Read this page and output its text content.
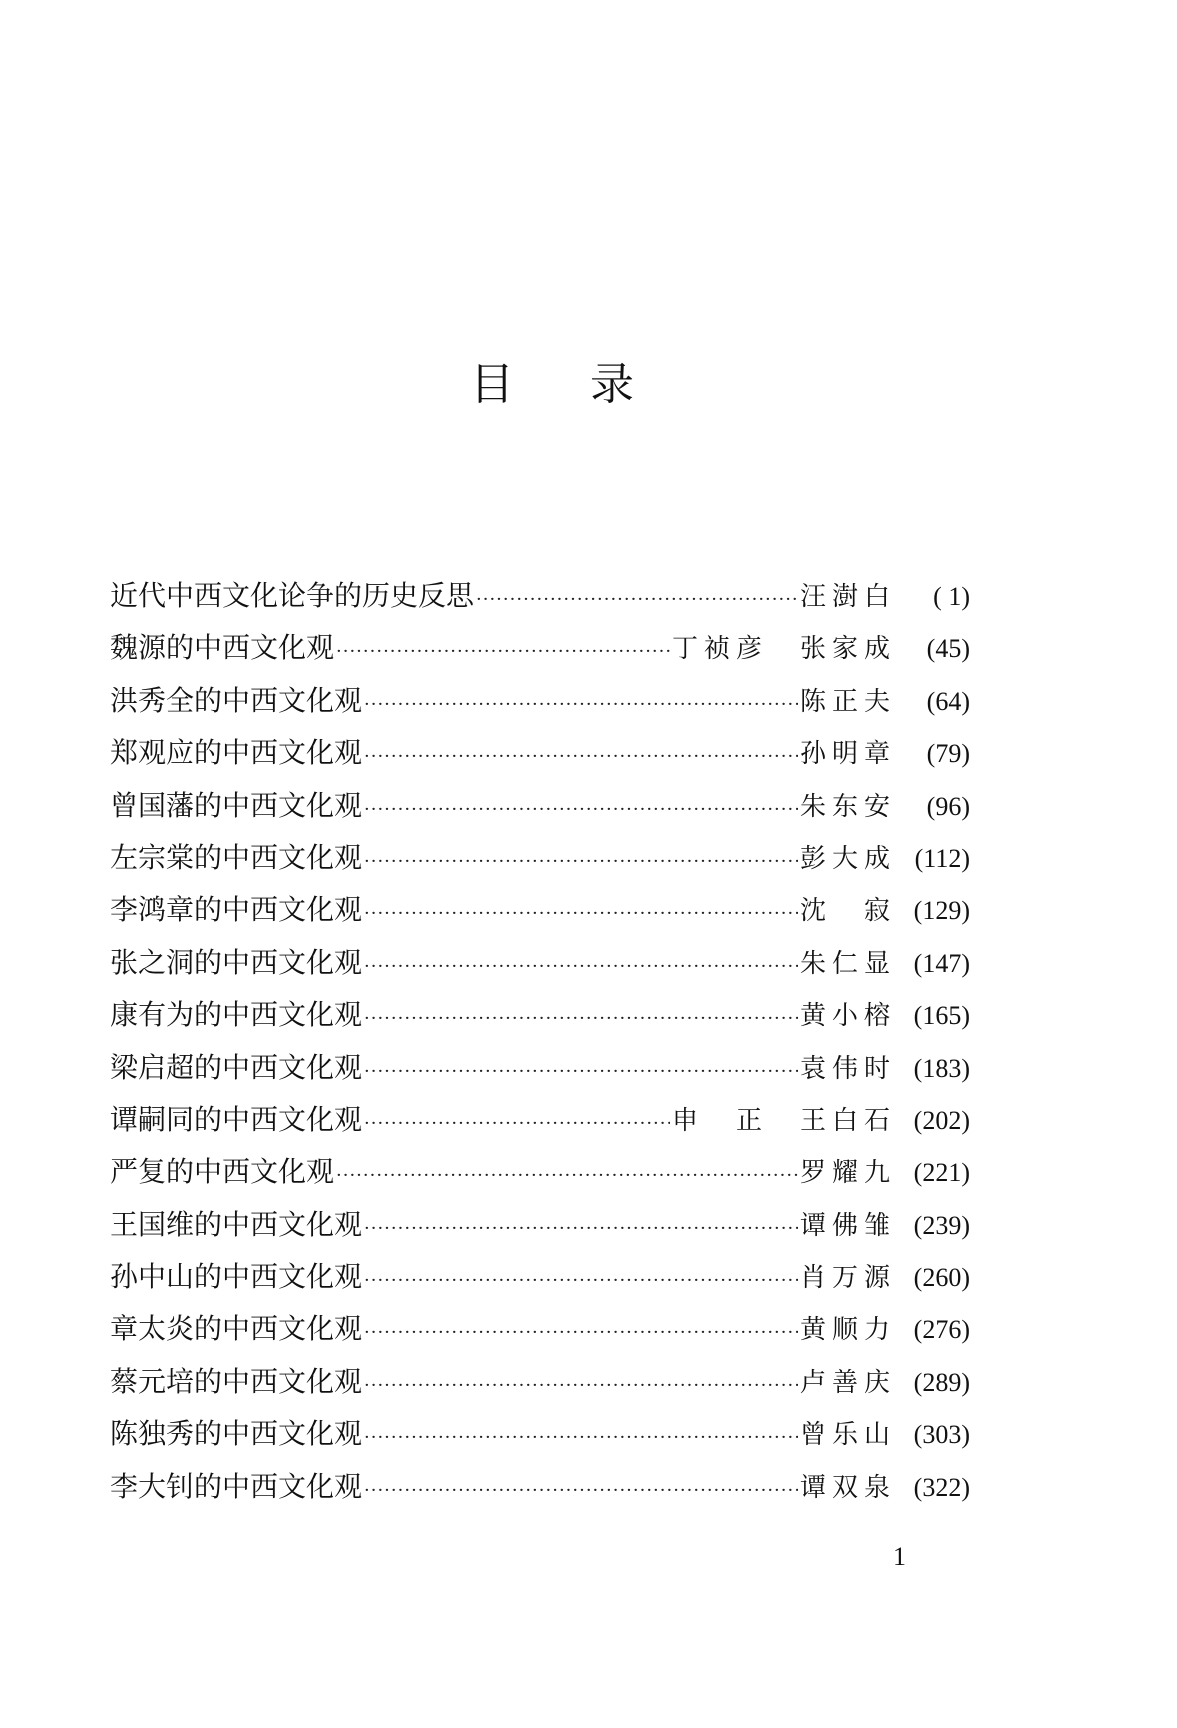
目 录
近代中西文化论争的历史反思 ·····	汪澍白	( 1)
魏源的中西文化观 ·····	丁祯彦　张家成	(45)
洪秀全的中西文化观 ·····	陈正夫	(64)
郑观应的中西文化观 ·····	孙明章	(79)
曾国藩的中西文化观 ·····	朱东安	(96)
左宗棠的中西文化观 ·····	彭大成 (112)
李鸿章的中西文化观 ·····	沈　寂 (129)
张之洞的中西文化观 ·····	朱仁显 (147)
康有为的中西文化观 ·····	黄小榕 (165)
梁启超的中西文化观 ·····	袁伟时 (183)
谭嗣同的中西文化观 ·····	申　正　王白石 (202)
严复的中西文化观 ·····	罗耀九 (221)
王国维的中西文化观 ·····	谭佛雏 (239)
孙中山的中西文化观 ·····	肖万源 (260)
章太炎的中西文化观 ·····	黄顺力 (276)
蔡元培的中西文化观 ·····	卢善庆 (289)
陈独秀的中西文化观 ·····	曾乐山 (303)
李大钊的中西文化观 ·····	谭双泉 (322)
1
